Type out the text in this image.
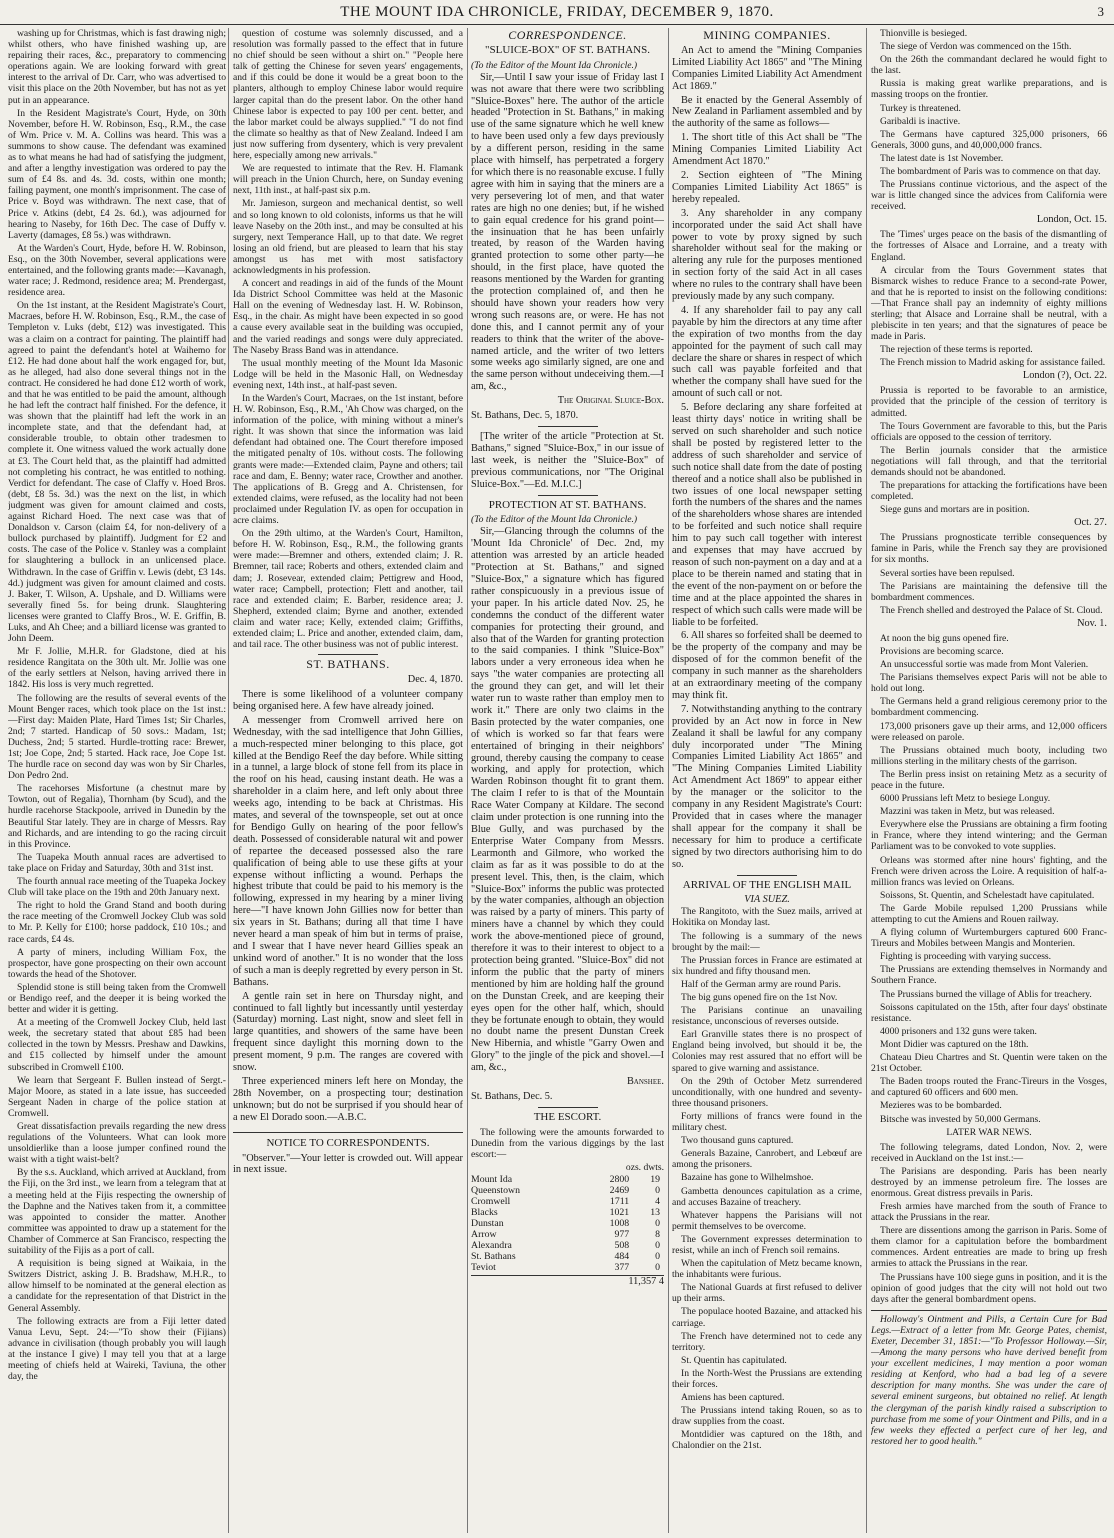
THE MOUNT IDA CHRONICLE, FRIDAY, DECEMBER 9, 1870.	3

washing up for Christmas, which is fast drawing nigh; whilst others, who have finished washing up, are repairing their races, &c., preparatory to commencing operations again. We are looking forward with great interest to the arrival of Dr. Carr, who was advertised to visit this place on the 20th November, but has not as yet put in an appearance.

In the Resident Magistrate's Court, Hyde, on 30th November, before H. W. Robinson, Esq., R.M., the case of Wm. Price v. M. A. Collins was heard. This was a summons to show cause. The defendant was examined as to what means he had had of satisfying the judgment, and after a lengthy investigation was ordered to pay the sum of £4 8s. and 4s. 3d. costs, within one month; failing payment, one month's imprisonment. The case of Price v. Boyd was withdrawn. The next case, that of Price v. Atkins (debt, £4 2s. 6d.), was adjourned for hearing to Naseby, for 16th Dec. The case of Duffy v. Laverty (damages, £8 5s.) was withdrawn.

At the Warden's Court, Hyde, before H. W. Robinson, Esq., on the 30th November, several applications were entertained, and the following grants made:—Kavanagh, water race; J. Redmond, residence area; M. Prendergast, residence area.

On the 1st instant, at the Resident Magistrate's Court, Macraes, before H. W. Robinson, Esq., R.M., the case of Templeton v. Luks (debt, £12) was investigated. This was a claim on a contract for painting. The plaintiff had agreed to paint the defendant's hotel at Waihemo for £12. He had done about half the work engaged for, but, as he alleged, had also done several things not in the contract. He considered he had done £12 worth of work, and that he was entitled to be paid the amount, although he had left the contract half finished. For the defence, it was shown that the plaintiff had left the work in an incomplete state, and that the defendant had, at considerable trouble, to obtain other tradesmen to complete it. One witness valued the work actually done at £3. The Court held that, as the plaintiff had admitted not completing his contract, he was entitled to nothing. Verdict for defendant. The case of Claffy v. Hoed Bros. (debt, £8 5s. 3d.) was the next on the list, in which judgment was given for amount claimed and costs, against Richard Hoed. The next case was that of Donaldson v. Carson (claim £4, for non-delivery of a bullock purchased by plaintiff). Judgment for £2 and costs. The case of the Police v. Stanley was a complaint for slaughtering a bullock in an unlicensed place. Withdrawn. In the case of Griffin v. Lewis (debt, £3 14s. 4d.) judgment was given for amount claimed and costs. J. Baker, T. Wilson, A. Upshale, and D. Williams were severally fined 5s. for being drunk. Slaughtering licenses were granted to Claffy Bros., W. E. Griffin, B. Luks, and Ah Chee; and a billiard license was granted to John Deem.

Mr F. Jollie, M.H.R. for Gladstone, died at his residence Rangitata on the 30th ult. Mr. Jollie was one of the early settlers at Nelson, having arrived there in 1842. His loss is very much regretted.

The following are the results of several events of the Mount Benger races, which took place on the 1st inst.:—First day: Maiden Plate, Hard Times 1st; Sir Charles, 2nd; 7 started. Handicap of 50 sovs.: Madam, 1st; Duchess, 2nd; 5 started. Hurdle-trotting race: Brewer, 1st; Joe Cope, 2nd; 5 started. Hack race, Joe Cope 1st. The hurdle race on second day was won by Sir Charles, Don Pedro 2nd.

The racehorses Misfortune (a chestnut mare by Towton, out of Regalia), Thornham (by Scud), and the hurdle racehorse Stackpoole, arrived in Dunedin by the Beautiful Star lately. They are in charge of Messrs. Ray and Richards, and are intending to go the racing circuit in this Province.

The Tuapeka Mouth annual races are advertised to take place on Friday and Saturday, 30th and 31st inst.

The fourth annual race meeting of the Tuapeka Jockey Club will take place on the 19th and 20th January next.

The right to hold the Grand Stand and booth during the race meeting of the Cromwell Jockey Club was sold to Mr. P. Kelly for £100; horse paddock, £10 10s.; and race cards, £4 4s.

A party of miners, including William Fox, the prospector, have gone prospecting on their own account towards the head of the Shotover.

Splendid stone is still being taken from the Cromwell or Bendigo reef, and the deeper it is being worked the better and wider it is getting.

At a meeting of the Cromwell Jockey Club, held last week, the secretary stated that about £85 had been collected in the town by Messrs. Preshaw and Dawkins, and £15 collected by himself under the amount subscribed in Cromwell £100.

We learn that Sergeant F. Bullen instead of Sergt.-Major Moore, as stated in a late issue, has succeeded Sergeant Naden in charge of the police station at Cromwell.

Great dissatisfaction prevails regarding the new dress regulations of the Volunteers. What can look more unsoldierlike than a loose jumper confined round the waist with a tight waist-belt?

By the s.s. Auckland, which arrived at Auckland, from the Fiji, on the 3rd inst., we learn from a telegram that at a meeting held at the Fijis respecting the ownership of the Daphne and the Natives taken from it, a committee was appointed to consider the matter. Another committee was appointed to draw up a statement for the Chamber of Commerce at San Francisco, respecting the suitability of the Fijis as a port of call.

A requisition is being signed at Waikaia, in the Switzers District, asking J. B. Bradshaw, M.H.R., to allow himself to be nominated at the general election as a candidate for the representation of that District in the General Assembly.

The following extracts are from a Fiji letter dated Vanua Levu, Sept. 24:—"To show their (Fijians) advance in civilisation (though probably you will laugh at the instance I give) I may tell you that at a large meeting of chiefs held at Waireki, Taviuna, the other day, the

question of costume was solemnly discussed, and a resolution was formally passed to the effect that in future no chief should be seen without a shirt on." "People here talk of getting the Chinese for seven years' engagements, and if this could be done it would be a great boon to the planters, although to employ Chinese labor would require larger capital than do the present labor. On the other hand Chinese labor is expected to pay 100 per cent. better, and the labor market could be always supplied." "I do not find the climate so healthy as that of New Zealand. Indeed I am just now suffering from dysentery, which is very prevalent here, especially among new arrivals."

We are requested to intimate that the Rev. H. Flamank will preach in the Union Church, here, on Sunday evening next, 11th inst., at half-past six p.m.

Mr. Jamieson, surgeon and mechanical dentist, so well and so long known to old colonists, informs us that he will leave Naseby on the 20th inst., and may be consulted at his surgery, next Temperance Hall, up to that date. We regret losing an old friend, but are pleased to learn that his stay amongst us has met with most satisfactory acknowledgments in his profession.

A concert and readings in aid of the funds of the Mount Ida District School Committee was held at the Masonic Hall on the evening of Wednesday last. H. W. Robinson, Esq., in the chair. As might have been expected in so good a cause every available seat in the building was occupied, and the varied readings and songs were duly appreciated. The Naseby Brass Band was in attendance.

The usual monthly meeting of the Mount Ida Masonic Lodge will be held in the Masonic Hall, on Wednesday evening next, 14th inst., at half-past seven.

In the Warden's Court, Macraes, on the 1st instant, before H. W. Robinson, Esq., R.M., 'Ah Chow was charged, on the information of the police, with mining without a miner's right. It was shown that since the information was laid defendant had obtained one. The Court therefore imposed the mitigated penalty of 10s. without costs. The following grants were made:—Extended claim, Payne and others; tail race and dam, E. Benny; water race, Crowther and another. The applications of B. Gregg and A. Christensen, for extended claims, were refused, as the locality had not been proclaimed under Regulation IV. as open for occupation in acre claims.

On the 29th ultimo, at the Warden's Court, Hamilton, before H. W. Robinson, Esq., R.M., the following grants were made:—Bremner and others, extended claim; J. R. Bremner, tail race; Roberts and others, extended claim and dam; J. Rosevear, extended claim; Pettigrew and Hood, water race; Campbell, protection; Flett and another, tail race and extended claim; E. Barber, residence area; J. Shepherd, extended claim; Byrne and another, extended claim and water race; Kelly, extended claim; Griffiths, extended claim; L. Price and another, extended claim, dam, and tail race. The other business was not of public interest.

ST. BATHANS.
Dec. 4, 1870.

There is some likelihood of a volunteer company being organised here. A few have already joined.

A messenger from Cromwell arrived here on Wednesday, with the sad intelligence that John Gillies, a much-respected miner belonging to this place, got killed at the Bendigo Reef the day before. While sitting in a tunnel, a large block of stone fell from its place in the roof on his head, causing instant death. He was a shareholder in a claim here, and left only about three weeks ago, intending to be back at Christmas. His mates, and several of the townspeople, set out at once for Bendigo Gully on hearing of the poor fellow's death. Possessed of considerable natural wit and power of repartee the deceased possessed also the rare qualification of being able to use these gifts at your expense without inflicting a wound. Perhaps the highest tribute that could be paid to his memory is the following, expressed in my hearing by a miner living here—"I have known John Gillies now for better than six years in St. Bathans; during all that time I have never heard a man speak of him but in terms of praise, and I swear that I have never heard Gillies speak an unkind word of another." It is no wonder that the loss of such a man is deeply regretted by every person in St. Bathans.

A gentle rain set in here on Thursday night, and continued to fall lightly but incessantly until yesterday (Saturday) morning. Last night, snow and sleet fell in large quantities, and showers of the same have been frequent since daylight this morning down to the present moment, 9 p.m. The ranges are covered with snow.

Three experienced miners left here on Monday, the 28th November, on a prospecting tour; destination unknown; but do not be surprised if you should hear of a new El Dorado soon.—A.B.C.

NOTICE TO CORRESPONDENTS.

"Observer."—Your letter is crowded out. Will appear in next issue.

CORRESPONDENCE.
"SLUICE-BOX" OF ST. BATHANS.
(To the Editor of the Mount Ida Chronicle.)

Sir,—Until I saw your issue of Friday last I was not aware that there were two scribbling "Sluice-Boxes" here. The author of the article headed "Protection in St. Bathans," in making use of the same signature which he well knew to have been used only a few days previously by a different person, residing in the same place with himself, has perpetrated a forgery for which there is no reasonable excuse. I fully agree with him in saying that the miners are a very persevering lot of men, and that water rates are high no one denies; but, if he wished to gain equal credence for his grand point—the insinuation that he has been unfairly treated, by reason of the Warden having granted protection to some other party—he should, in the first place, have quoted the reasons mentioned by the Warden for granting the protection complained of, and then he should have shown your readers how very wrong such reasons are, or were. He has not done this, and I cannot permit any of your readers to think that the writer of the above-named article, and the writer of two letters some weeks ago similarly signed, are one and the same person without undeceiving them.—I am, &c.,

The Original Sluice-Box.
St. Bathans, Dec. 5, 1870.

[The writer of the article "Protection at St. Bathans," signed "Sluice-Box," in our issue of last week, is neither the "Sluice-Box" of previous communications, nor "The Original Sluice-Box."—Ed. M.I.C.]

PROTECTION AT ST. BATHANS.
(To the Editor of the Mount Ida Chronicle.)

Sir,—Glancing through the columns of the 'Mount Ida Chronicle' of Dec. 2nd, my attention was arrested by an article headed "Protection at St. Bathans," and signed "Sluice-Box," a signature which has figured rather conspicuously in a previous issue of your paper. In his article dated Nov. 25, he condemns the conduct of the different water companies for protecting their ground, and also that of the Warden for granting protection to the said companies. I think "Sluice-Box" labors under a very erroneous idea when he says "the water companies are protecting all the ground they can get, and will let their water run to waste rather than employ men to work it." There are only two claims in the Basin protected by the water companies, one of which is worked so far that fears were entertained of bringing in their neighbors' ground, thereby causing the company to cease working, and apply for protection, which Warden Robinson thought fit to grant them. The claim I refer to is that of the Mountain Race Water Company at Kildare. The second claim under protection is one running into the Blue Gully, and was purchased by the Enterprise Water Company from Messrs. Learmonth and Gilmore, who worked the claim as far as it was possible to do at the present level. This, then, is the claim, which "Sluice-Box" informs the public was protected by the water companies, although an objection was raised by a party of miners. This party of miners have a channel by which they could work the above-mentioned piece of ground, therefore it was to their interest to object to a protection being granted. "Sluice-Box" did not inform the public that the party of miners mentioned by him are holding half the ground on the Dunstan Creek, and are keeping their eyes open for the other half, which, should they be fortunate enough to obtain, they would no doubt name the present Dunstan Creek New Hibernia, and whistle "Garry Owen and Glory" to the jingle of the pick and shovel.—I am, &c.,

Banshee.
St. Bathans, Dec. 5.
THE ESCORT.

The following were the amounts forwarded to Dunedin from the various diggings by the last escort:—

ozs. dwts.
Mount Ida	2800	19
Queenstown	2469	0
Cromwell	1711	4
Blacks	1021	13
Dunstan	1008	0
Arrow	977	8
Alexandra	508	0
St. Bathans	484	0
Teviot	377	0
11,357 4
MINING COMPANIES.

An Act to amend the "Mining Companies Limited Liability Act 1865" and "The Mining Companies Limited Liability Act Amendment Act 1869."

Be it enacted by the General Assembly of New Zealand in Parliament assembled and by the authority of the same as follows—

1. The short title of this Act shall be "The Mining Companies Limited Liability Act Amendment Act 1870."

2. Section eighteen of "The Mining Companies Limited Liability Act 1865" is hereby repealed.

3. Any shareholder in any company incorporated under the said Act shall have power to vote by proxy signed by such shareholder without seal for the making or altering any rule for the purposes mentioned in section forty of the said Act in all cases where no rules to the contrary shall have been previously made by any such company.

4. If any shareholder fail to pay any call payable by him the directors at any time after the expiration of two months from the day appointed for the payment of such call may declare the share or shares in respect of which such call was payable forfeited and that whether the company shall have sued for the amount of such call or not.

5. Before declaring any share forfeited at least thirty days' notice in writing shall be served on such shareholder and such notice shall be posted by registered letter to the address of such shareholder and service of such notice shall date from the date of posting thereof and a notice shall also be published in two issues of one local newspaper setting forth the numbers of the shares and the names of the shareholders whose shares are intended to be forfeited and such notice shall require him to pay such call together with interest and expenses that may have accrued by reason of such non-payment on a day and at a place to be therein named and stating that in the event of the non-payment on or before the time and at the place appointed the shares in respect of which such calls were made will be liable to be forfeited.

6. All shares so forfeited shall be deemed to be the property of the company and may be disposed of for the common benefit of the company in such manner as the shareholders at an extraordinary meeting of the company may think fit.

7. Notwithstanding anything to the contrary provided by an Act now in force in New Zealand it shall be lawful for any company duly incorporated under "The Mining Companies Limited Liability Act 1865" and "The Mining Companies Limited Liability Act Amendment Act 1869" to appear either by the manager or the solicitor to the company in any Resident Magistrate's Court: Provided that in cases where the manager shall appear for the company it shall be necessary for him to produce a certificate signed by two directors authorising him to do so.

ARRIVAL OF THE ENGLISH MAIL
VIA SUEZ.

The Rangitoto, with the Suez mails, arrived at Hokitika on Monday last.

The following is a summary of the news brought by the mail:—

The Prussian forces in France are estimated at six hundred and fifty thousand men.

Half of the German army are round Paris.

The big guns opened fire on the 1st Nov.

The Parisians continue an unavailing resistance, unconscious of reverses outside.

Earl Granville states there is no prospect of England being involved, but should it be, the Colonies may rest assured that no effort will be spared to give warning and assistance.

On the 29th of October Metz surrendered unconditionally, with one hundred and seventy-three thousand prisoners.

Forty millions of francs were found in the military chest.

Two thousand guns captured.

Generals Bazaine, Canrobert, and Lebœuf are among the prisoners.

Bazaine has gone to Wilhelmshoe.

Gambetta denounces capitulation as a crime, and accuses Bazaine of treachery.

Whatever happens the Parisians will not permit themselves to be overcome.

The Government expresses determination to resist, while an inch of French soil remains.

When the capitulation of Metz became known, the inhabitants were furious.

The National Guards at first refused to deliver up their arms.

The populace hooted Bazaine, and attacked his carriage.

The French have determined not to cede any territory.

St. Quentin has capitulated.

In the North-West the Prussians are extending their forces.

Amiens has been captured.

The Prussians intend taking Rouen, so as to draw supplies from the coast.

Montdidier was captured on the 18th, and Chalondier on the 21st.

Thionville is besieged.

The siege of Verdon was commenced on the 15th.

On the 26th the commandant declared he would fight to the last.

Russia is making great warlike preparations, and is massing troops on the frontier.

Turkey is threatened.

Garibaldi is inactive.

The Germans have captured 325,000 prisoners, 66 Generals, 3000 guns, and 40,000,000 francs.

The latest date is 1st November.

The bombardment of Paris was to commence on that day.

The Prussians continue victorious, and the aspect of the war is little changed since the advices from California were received.

London, Oct. 15.

The 'Times' urges peace on the basis of the dismantling of the fortresses of Alsace and Lorraine, and a treaty with England.

A circular from the Tours Government states that Bismarck wishes to reduce France to a second-rate Power, and that he is reported to insist on the following conditions:—That France shall pay an indemnity of eighty millions sterling; that Alsace and Lorraine shall be neutral, with a plebiscite in ten years; and that the signatures of peace be made in Paris.

The rejection of these terms is reported.

The French mission to Madrid asking for assistance failed.

London (?), Oct. 22.

Prussia is reported to be favorable to an armistice, provided that the principle of the cession of territory is admitted.

The Tours Government are favorable to this, but the Paris officials are opposed to the cession of territory.

The Berlin journals consider that the armistice negotiations will fall through, and that the territorial demands should not be abandoned.

The preparations for attacking the fortifications have been completed.

Siege guns and mortars are in position.

Oct. 27.

The Prussians prognosticate terrible consequences by famine in Paris, while the French say they are provisioned for six months.

Several sorties have been repulsed.

The Parisians are maintaining the defensive till the bombardment commences.

The French shelled and destroyed the Palace of St. Cloud.

Nov. 1.

At noon the big guns opened fire.

Provisions are becoming scarce.

An unsuccessful sortie was made from Mont Valerien.

The Parisians themselves expect Paris will not be able to hold out long.

The Germans held a grand religious ceremony prior to the bombardment commencing.

173,000 prisoners gave up their arms, and 12,000 officers were released on parole.

The Prussians obtained much booty, including two millions sterling in the military chests of the garrison.

The Berlin press insist on retaining Metz as a security of peace in the future.

6000 Prussians left Metz to besiege Longuy.

Mazzini was taken in Metz, but was released.

Everywhere else the Prussians are obtaining a firm footing in France, where they intend wintering; and the German Parliament was to be convoked to vote supplies.

Orleans was stormed after nine hours' fighting, and the French were driven across the Loire. A requisition of half-a-million francs was levied on Orleans.

Soissons, St. Quentin, and Schelestadt have capitulated.

The Garde Mobile repulsed 1,200 Prussians while attempting to cut the Amiens and Rouen railway.

A flying column of Wurtemburgers captured 600 Franc-Tireurs and Mobiles between Mangis and Monterien.

Fighting is proceeding with varying success.

The Prussians are extending themselves in Normandy and Southern France.

The Prussians burned the village of Ablis for treachery.

Soissons capitulated on the 15th, after four days' obstinate resistance.

4000 prisoners and 132 guns were taken.

Mont Didier was captured on the 18th.

Chateau Dieu Chartres and St. Quentin were taken on the 21st October.

The Baden troops routed the Franc-Tireurs in the Vosges, and captured 60 officers and 600 men.

Mezieres was to be bombarded.

Bitsche was invested by 50,000 Germans.

LATER WAR NEWS.

The following telegrams, dated London, Nov. 2, were received in Auckland on the 1st inst.:—

The Parisians are desponding. Paris has been nearly destroyed by an immense petroleum fire. The losses are enormous. Great distress prevails in Paris.

Fresh armies have marched from the south of France to attack the Prussians in the rear.

There are dissentions among the garrison in Paris. Some of them clamor for a capitulation before the bombardment commences. Ardent entreaties are made to bring up fresh armies to attack the Prussians in the rear.

The Prussians have 100 siege guns in position, and it is the opinion of good judges that the city will not hold out two days after the general bombardment opens.

Holloway's Ointment and Pills, a Certain Cure for Bad Legs.—Extract of a letter from Mr. George Pates, chemist, Exeter, December 31, 1851:—"To Professor Holloway.—Sir,—Among the many persons who have derived benefit from your excellent medicines, I may mention a poor woman residing at Kenford, who had a bad leg of a severe description for many months. She was under the care of several eminent surgeons, but obtained no relief. At length the clergyman of the parish kindly raised a subscription to purchase from me some of your Ointment and Pills, and in a few weeks they effected a perfect cure of her leg, and restored her to good health."
